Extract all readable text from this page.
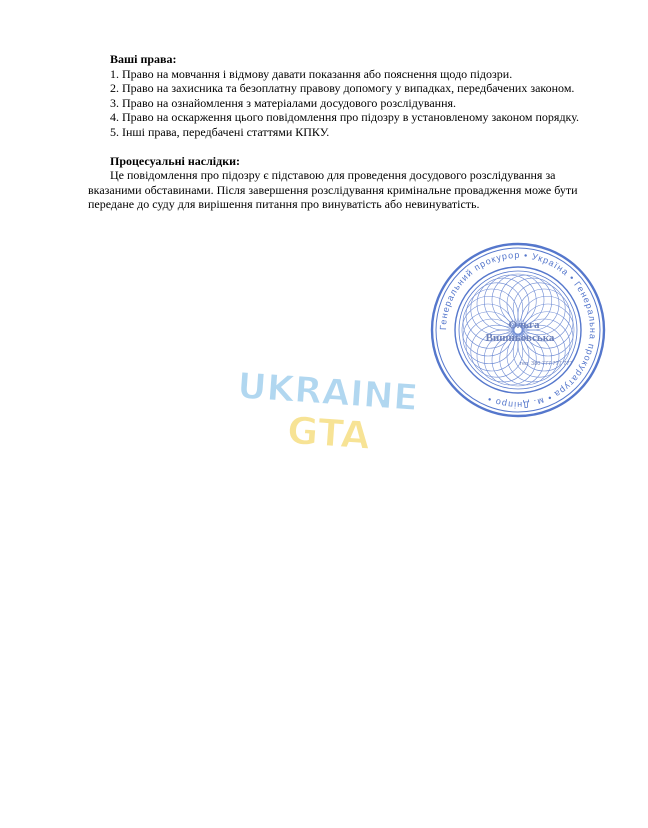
Ваші права:
1. Право на мовчання і відмову давати показання або пояснення щодо підозри.
2. Право на захисника та безоплатну правову допомогу у випадках, передбачених законом.
3. Право на ознайомлення з матеріалами досудового розслідування.
4. Право на оскарження цього повідомлення про підозру в установленому законом порядку.
5. Інші права, передбачені статтями КПКУ.
Процесуальні наслідки:
Це повідомлення про підозру є підставою для проведення досудового розслідування за вказаними обставинами. Після завершення розслідування кримінальне провадження може бути передане до суду для вирішення питання про винуватість або невинуватість.
Генеральний прокурор • Україна • Генеральна прокуратура • м. Дніпро •
Ольга
Вишньовська
тел. 380 777 777 777
UKRAINE
GTA
